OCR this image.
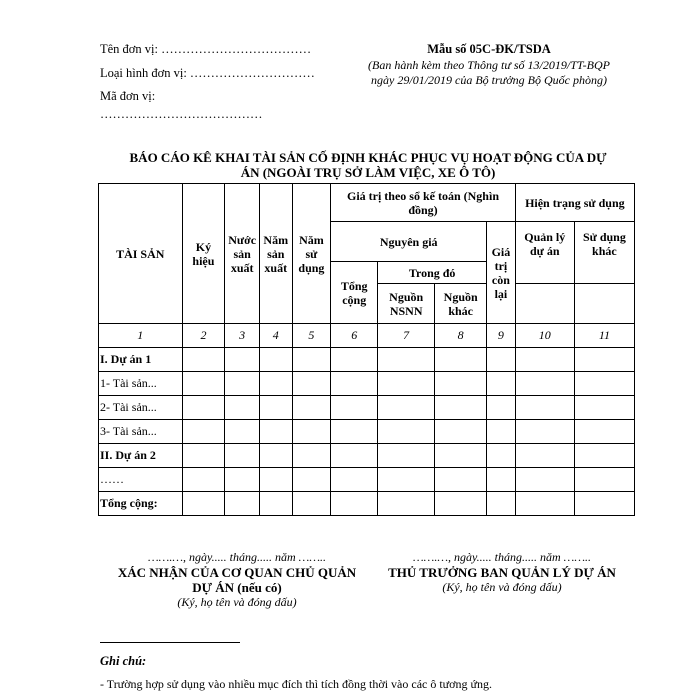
Tên đơn vị: ………………………………
Loại hình đơn vị: …………………………
Mã đơn vị:
…………………………………
Mẫu số 05C-ĐK/TSDA
(Ban hành kèm theo Thông tư số 13/2019/TT-BQP
ngày 29/01/2019 của Bộ trưởng Bộ Quốc phòng)
BÁO CÁO KÊ KHAI TÀI SẢN CỐ ĐỊNH KHÁC PHỤC VỤ HOẠT ĐỘNG CỦA DỰ
ÁN (NGOÀI TRỤ SỞ LÀM VIỆC, XE Ô TÔ)
TÀI SẢN	Ký hiệu	Nước sản xuất	Năm sản xuất	Năm sử dụng	Giá trị theo sổ kế toán (Nghìn đồng)				Hiện trạng sử dụng	
					Nguyên giá			Giá trị còn lại	Quản lý dự án	Sử dụng khác
					Tổng cộng	Trong đó				
						Nguồn NSNN	Nguồn khác			
1	2	3	4	5	6	7	8	9	10	11
I. Dự án 1										
1- Tài sản...										
2- Tài sản...										
3- Tài sản...										
II. Dự án 2										
……										
Tổng cộng:										
…….…, ngày..... tháng..... năm ……..
XÁC NHẬN CỦA CƠ QUAN CHỦ QUẢN
DỰ ÁN (nếu có)
(Ký, họ tên và đóng dấu)
…….…, ngày..... tháng..... năm ……..
THỦ TRƯỞNG BAN QUẢN LÝ DỰ ÁN
(Ký, họ tên và đóng dấu)
Ghi chú:
- Trường hợp sử dụng vào nhiều mục đích thì tích đồng thời vào các ô tương ứng.
